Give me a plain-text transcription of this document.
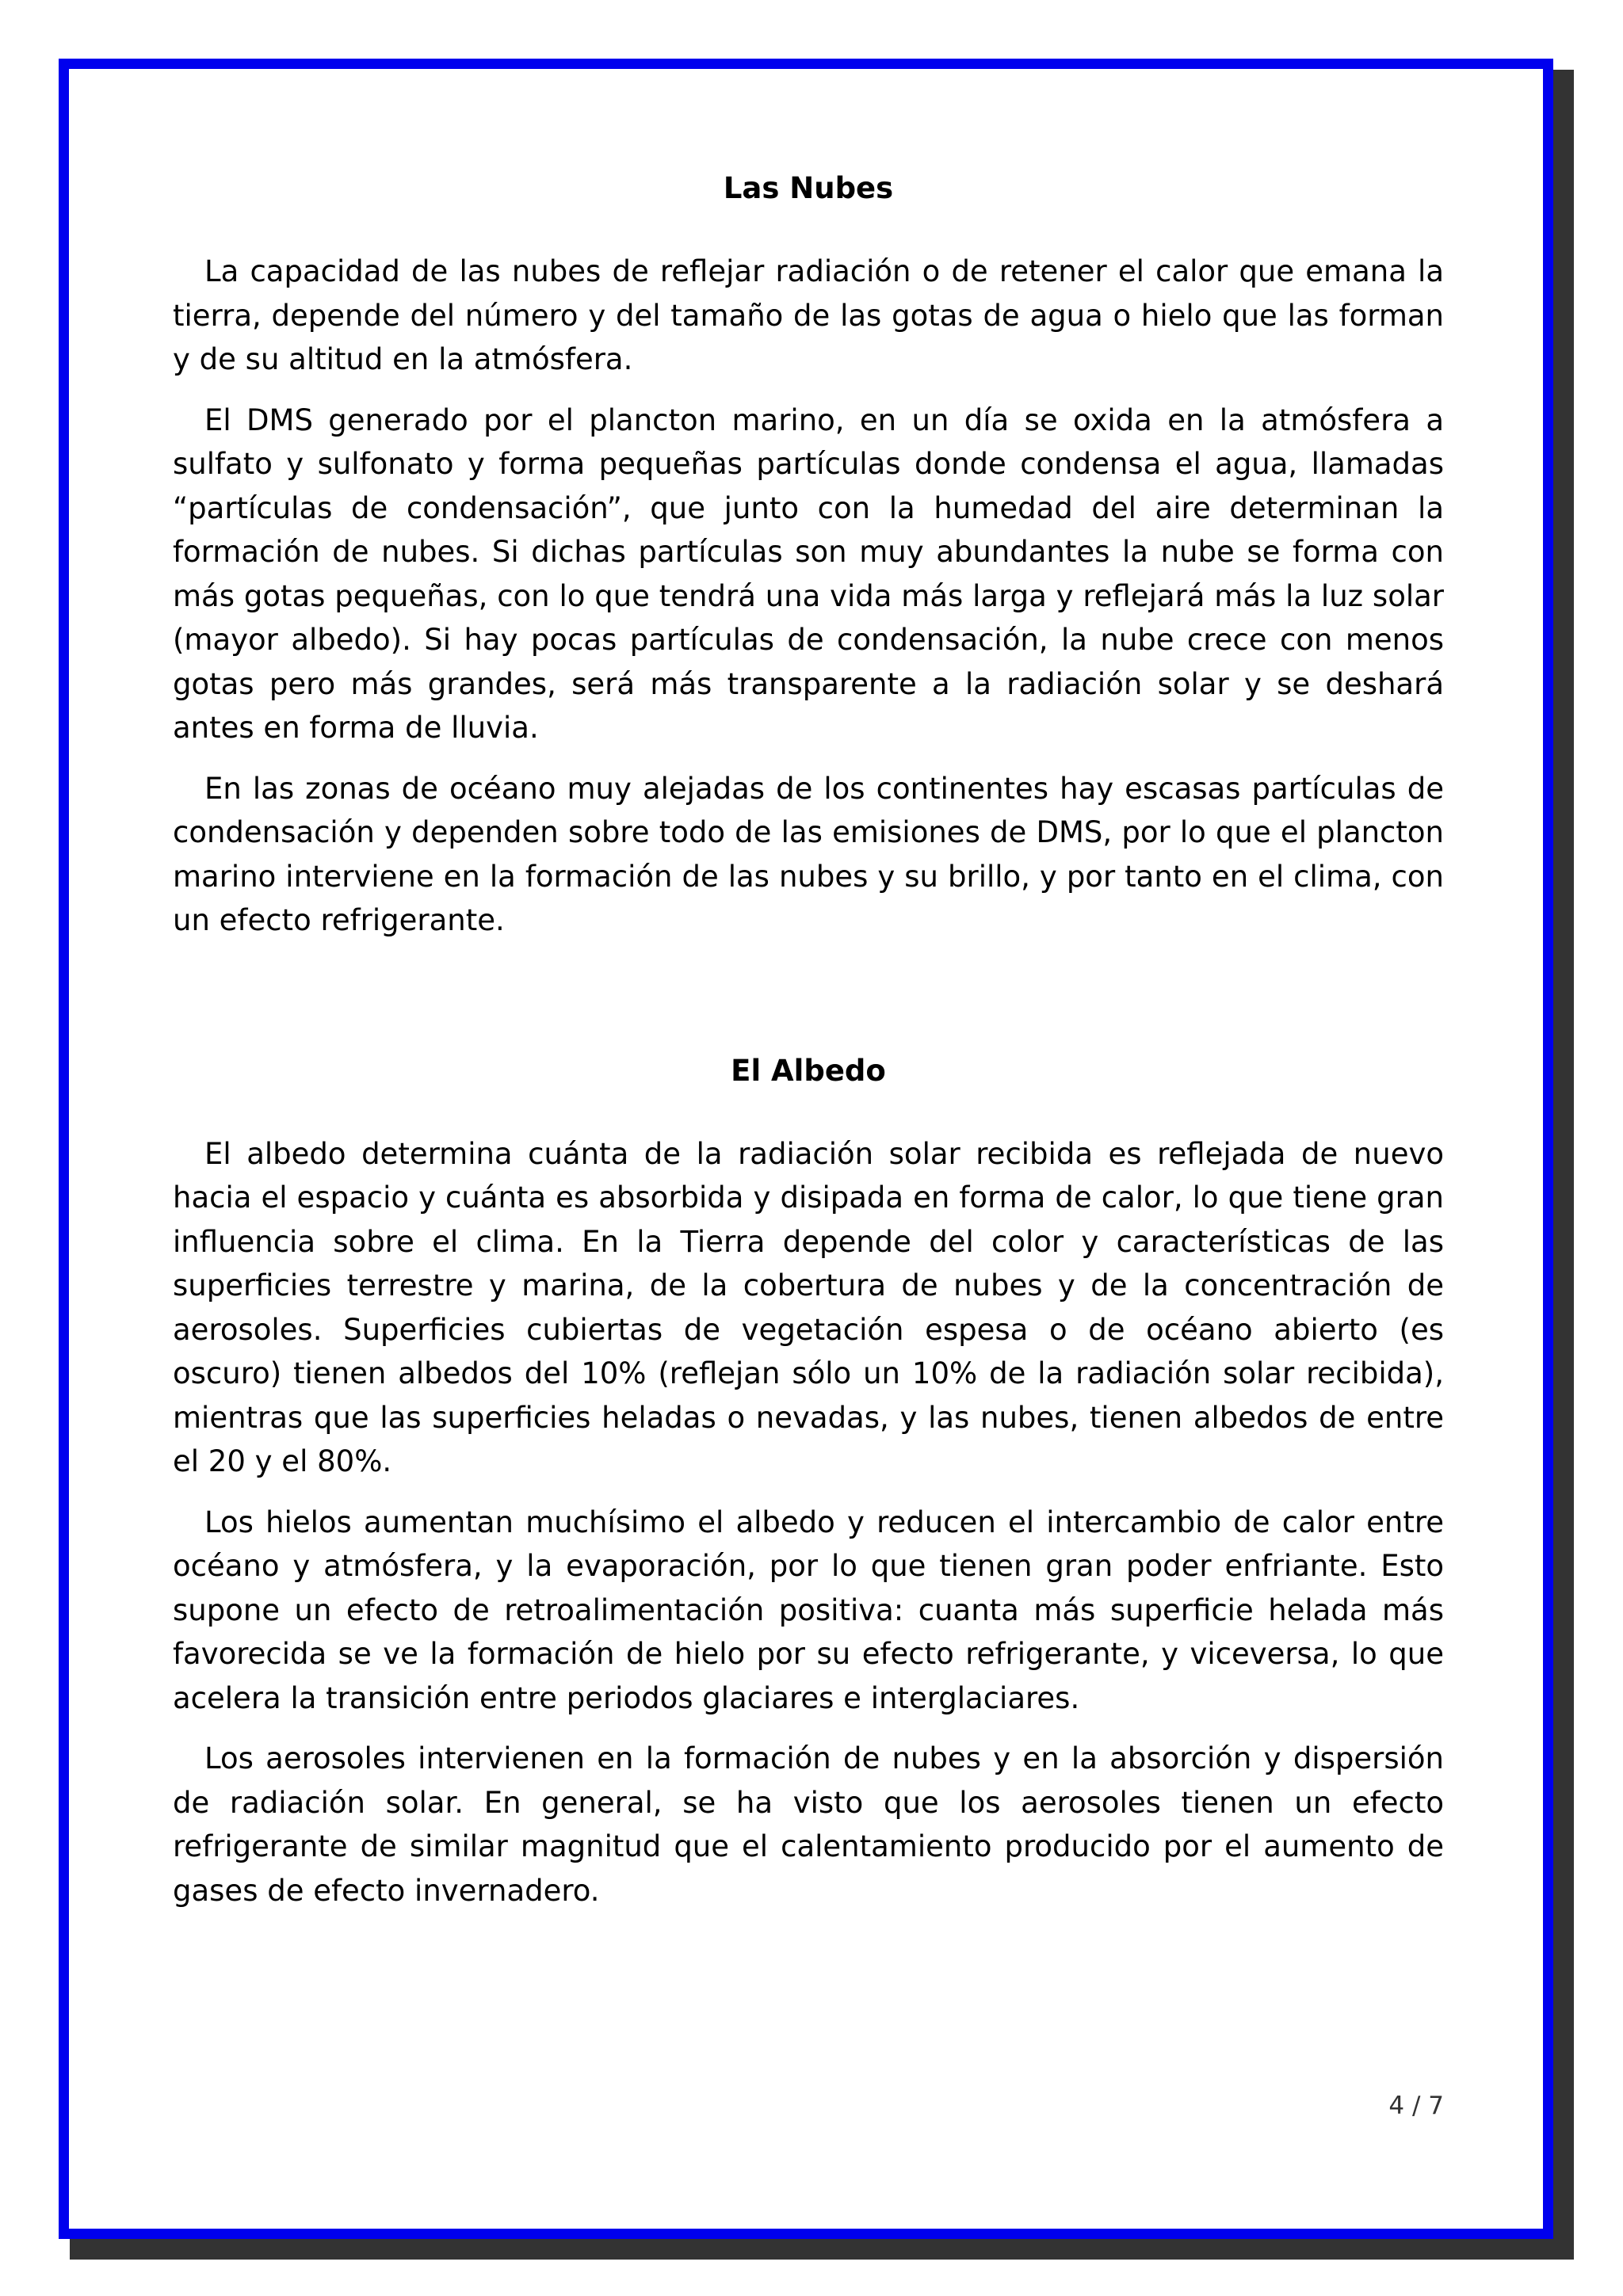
Las Nubes

La capacidad de las nubes de reflejar radiación o de retener el calor que emana la tierra, depende del número y del tamaño de las gotas de agua o hielo que las forman y de su altitud en la atmósfera.

El DMS generado por el plancton marino, en un día se oxida en la atmósfera a sulfato y sulfonato y forma pequeñas partículas donde condensa el agua, llamadas “partículas de condensación”, que junto con la humedad del aire determinan la formación de nubes. Si dichas partículas son muy abundantes la nube se forma con más gotas pequeñas, con lo que tendrá una vida más larga y reflejará más la luz solar (mayor albedo). Si hay pocas partículas de condensación, la nube crece con menos gotas pero más grandes, será más transparente a la radiación solar y se deshará antes en forma de lluvia.

En las zonas de océano muy alejadas de los continentes hay escasas partículas de condensación y dependen sobre todo de las emisiones de DMS, por lo que el plancton marino interviene en la formación de las nubes y su brillo, y por tanto en el clima, con un efecto refrigerante.

El Albedo

El albedo determina cuánta de la radiación solar recibida es reflejada de nuevo hacia el espacio y cuánta es absorbida y disipada en forma de calor, lo que tiene gran influencia sobre el clima. En la Tierra depende del color y características de las superficies terrestre y marina, de la cobertura de nubes y de la concentración de aerosoles. Superficies cubiertas de vegetación espesa o de océano abierto (es oscuro) tienen albedos del 10% (reflejan sólo un 10% de la radiación solar recibida), mientras que las superficies heladas o nevadas, y las nubes, tienen albedos de entre el 20 y el 80%.

Los hielos aumentan muchísimo el albedo y reducen el intercambio de calor entre océano y atmósfera, y la evaporación, por lo que tienen gran poder enfriante. Esto supone un efecto de retroalimentación positiva: cuanta más superficie helada más favorecida se ve la formación de hielo por su efecto refrigerante, y viceversa, lo que acelera la transición entre periodos glaciares e interglaciares.

Los aerosoles intervienen en la formación de nubes y en la absorción y dispersión de radiación solar. En general, se ha visto que los aerosoles tienen un efecto refrigerante de similar magnitud que el calentamiento producido por el aumento de gases de efecto invernadero.

4 / 7
